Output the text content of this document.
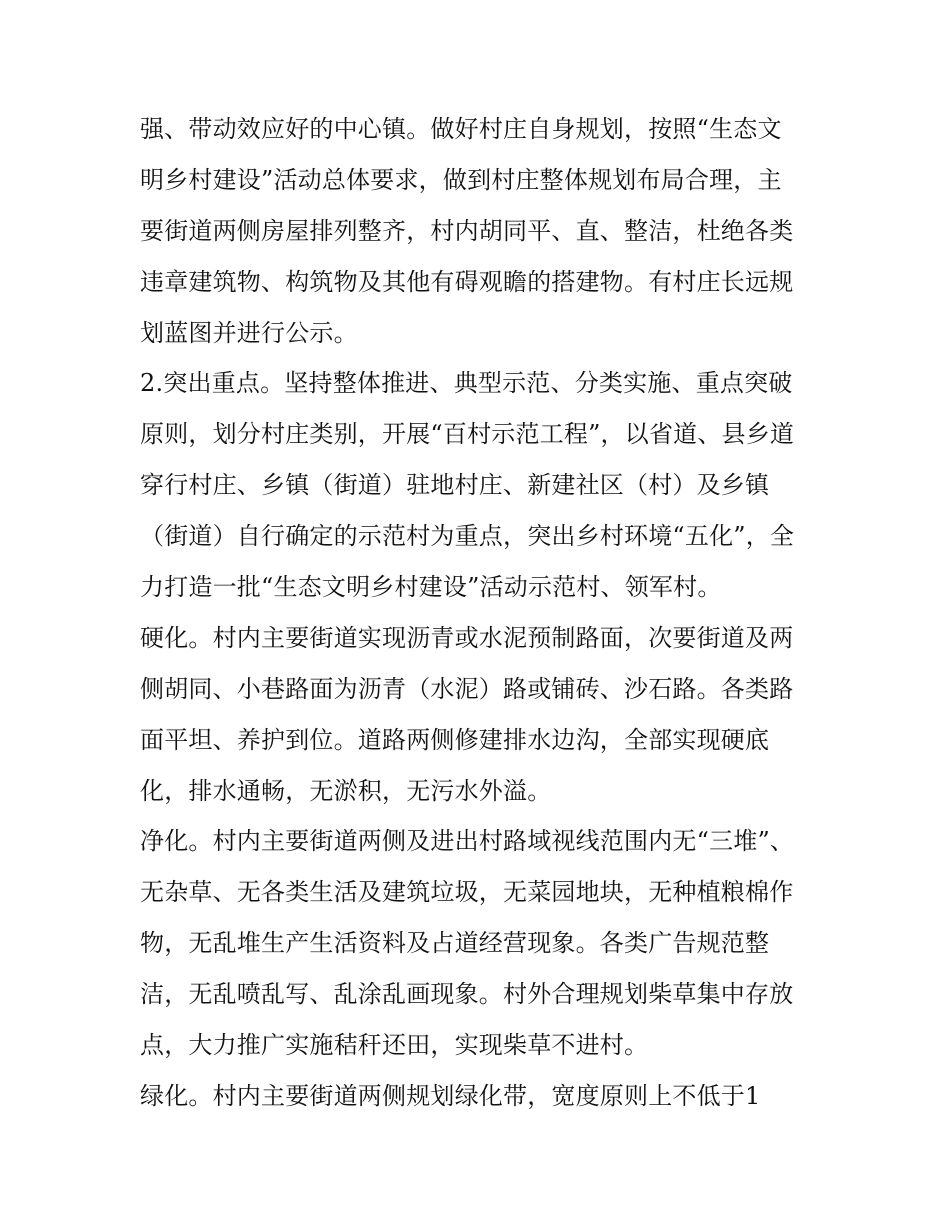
强、带动效应好的中心镇。做好村庄自身规划，按照“生态文
明乡村建设”活动总体要求，做到村庄整体规划布局合理，主
要街道两侧房屋排列整齐，村内胡同平、直、整洁，杜绝各类
违章建筑物、构筑物及其他有碍观瞻的搭建物。有村庄长远规
划蓝图并进行公示。
2.突出重点。坚持整体推进、典型示范、分类实施、重点突破
原则，划分村庄类别，开展“百村示范工程”，以省道、县乡道
穿行村庄、乡镇（街道）驻地村庄、新建社区（村）及乡镇
（街道）自行确定的示范村为重点，突出乡村环境“五化”，全
力打造一批“生态文明乡村建设”活动示范村、领军村。
硬化。村内主要街道实现沥青或水泥预制路面，次要街道及两
侧胡同、小巷路面为沥青（水泥）路或铺砖、沙石路。各类路
面平坦、养护到位。道路两侧修建排水边沟，全部实现硬底
化，排水通畅，无淤积，无污水外溢。
净化。村内主要街道两侧及进出村路域视线范围内无“三堆”、
无杂草、无各类生活及建筑垃圾，无菜园地块，无种植粮棉作
物，无乱堆生产生活资料及占道经营现象。各类广告规范整
洁，无乱喷乱写、乱涂乱画现象。村外合理规划柴草集中存放
点，大力推广实施秸秆还田，实现柴草不进村。
绿化。村内主要街道两侧规划绿化带，宽度原则上不低于1
